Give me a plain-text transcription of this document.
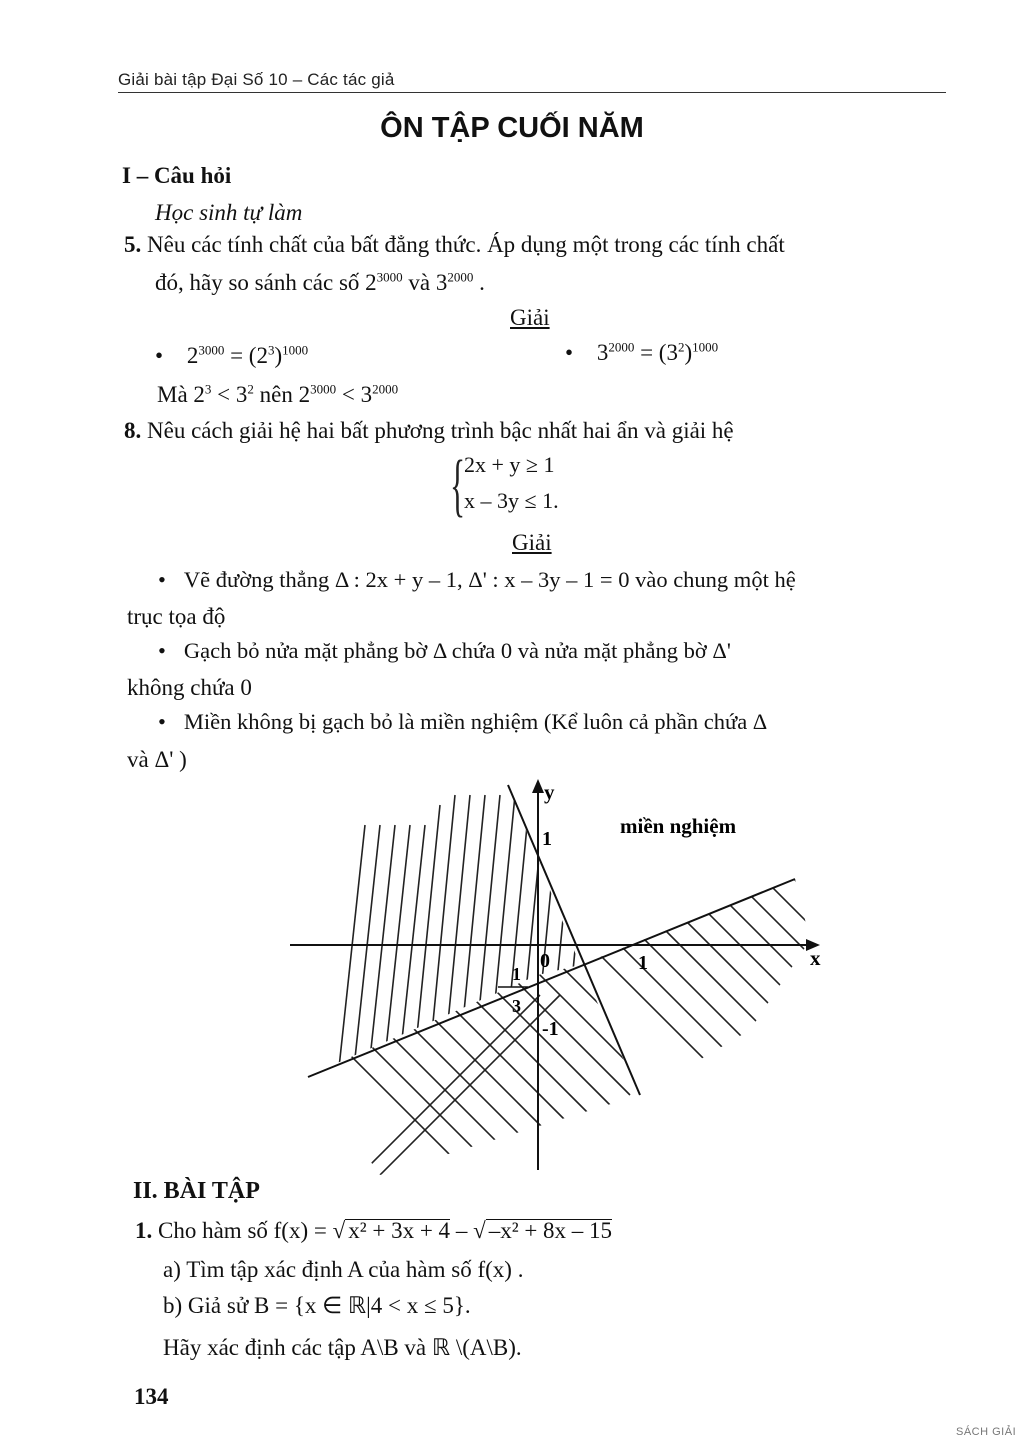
Giải bài tập Đại Số 10 – Các tác giả
ÔN TẬP CUỐI NĂM
I – Câu hỏi
Học sinh tự làm
5. Nêu các tính chất của bất đẳng thức. Áp dụng một trong các tính chất
đó, hãy so sánh các số $2^{3000}$ và $3^{2000}$ .
Giải
• $2^{3000} = (2^3)^{1000}$
•	$3^{2000} = (3^2)^{1000}$
Mà $2^3 < 3^2$ nên $2^{3000} < 3^{2000}$
8. Nêu cách giải hệ hai bất phương trình bậc nhất hai ẩn và giải hệ
{
2x + y ≥ 1
x – 3y ≤ 1.
Giải
• Vẽ đường thẳng Δ : 2x + y – 1, Δ' : x – 3y – 1 = 0 vào chung một hệ
trục tọa độ
• Gạch bỏ nửa mặt phẳng bờ Δ chứa 0 và nửa mặt phẳng bờ Δ'
không chứa 0
• Miền không bị gạch bỏ là miền nghiệm (Kể luôn cả phần chứa Δ
và Δ' )
y
x
1
1
0
1
3
-1
miền nghiệm
II. BÀI TẬP
1. Cho hàm số f(x) = √ x² + 3x + 4 – √ –x² + 8x – 15
a) Tìm tập xác định A của hàm số f(x) .
b) Giả sử B = {x ∈ ℝ|4 < x ≤ 5}.
Hãy xác định các tập A\B và ℝ \(A\B).
134
SÁCH GIẢI
